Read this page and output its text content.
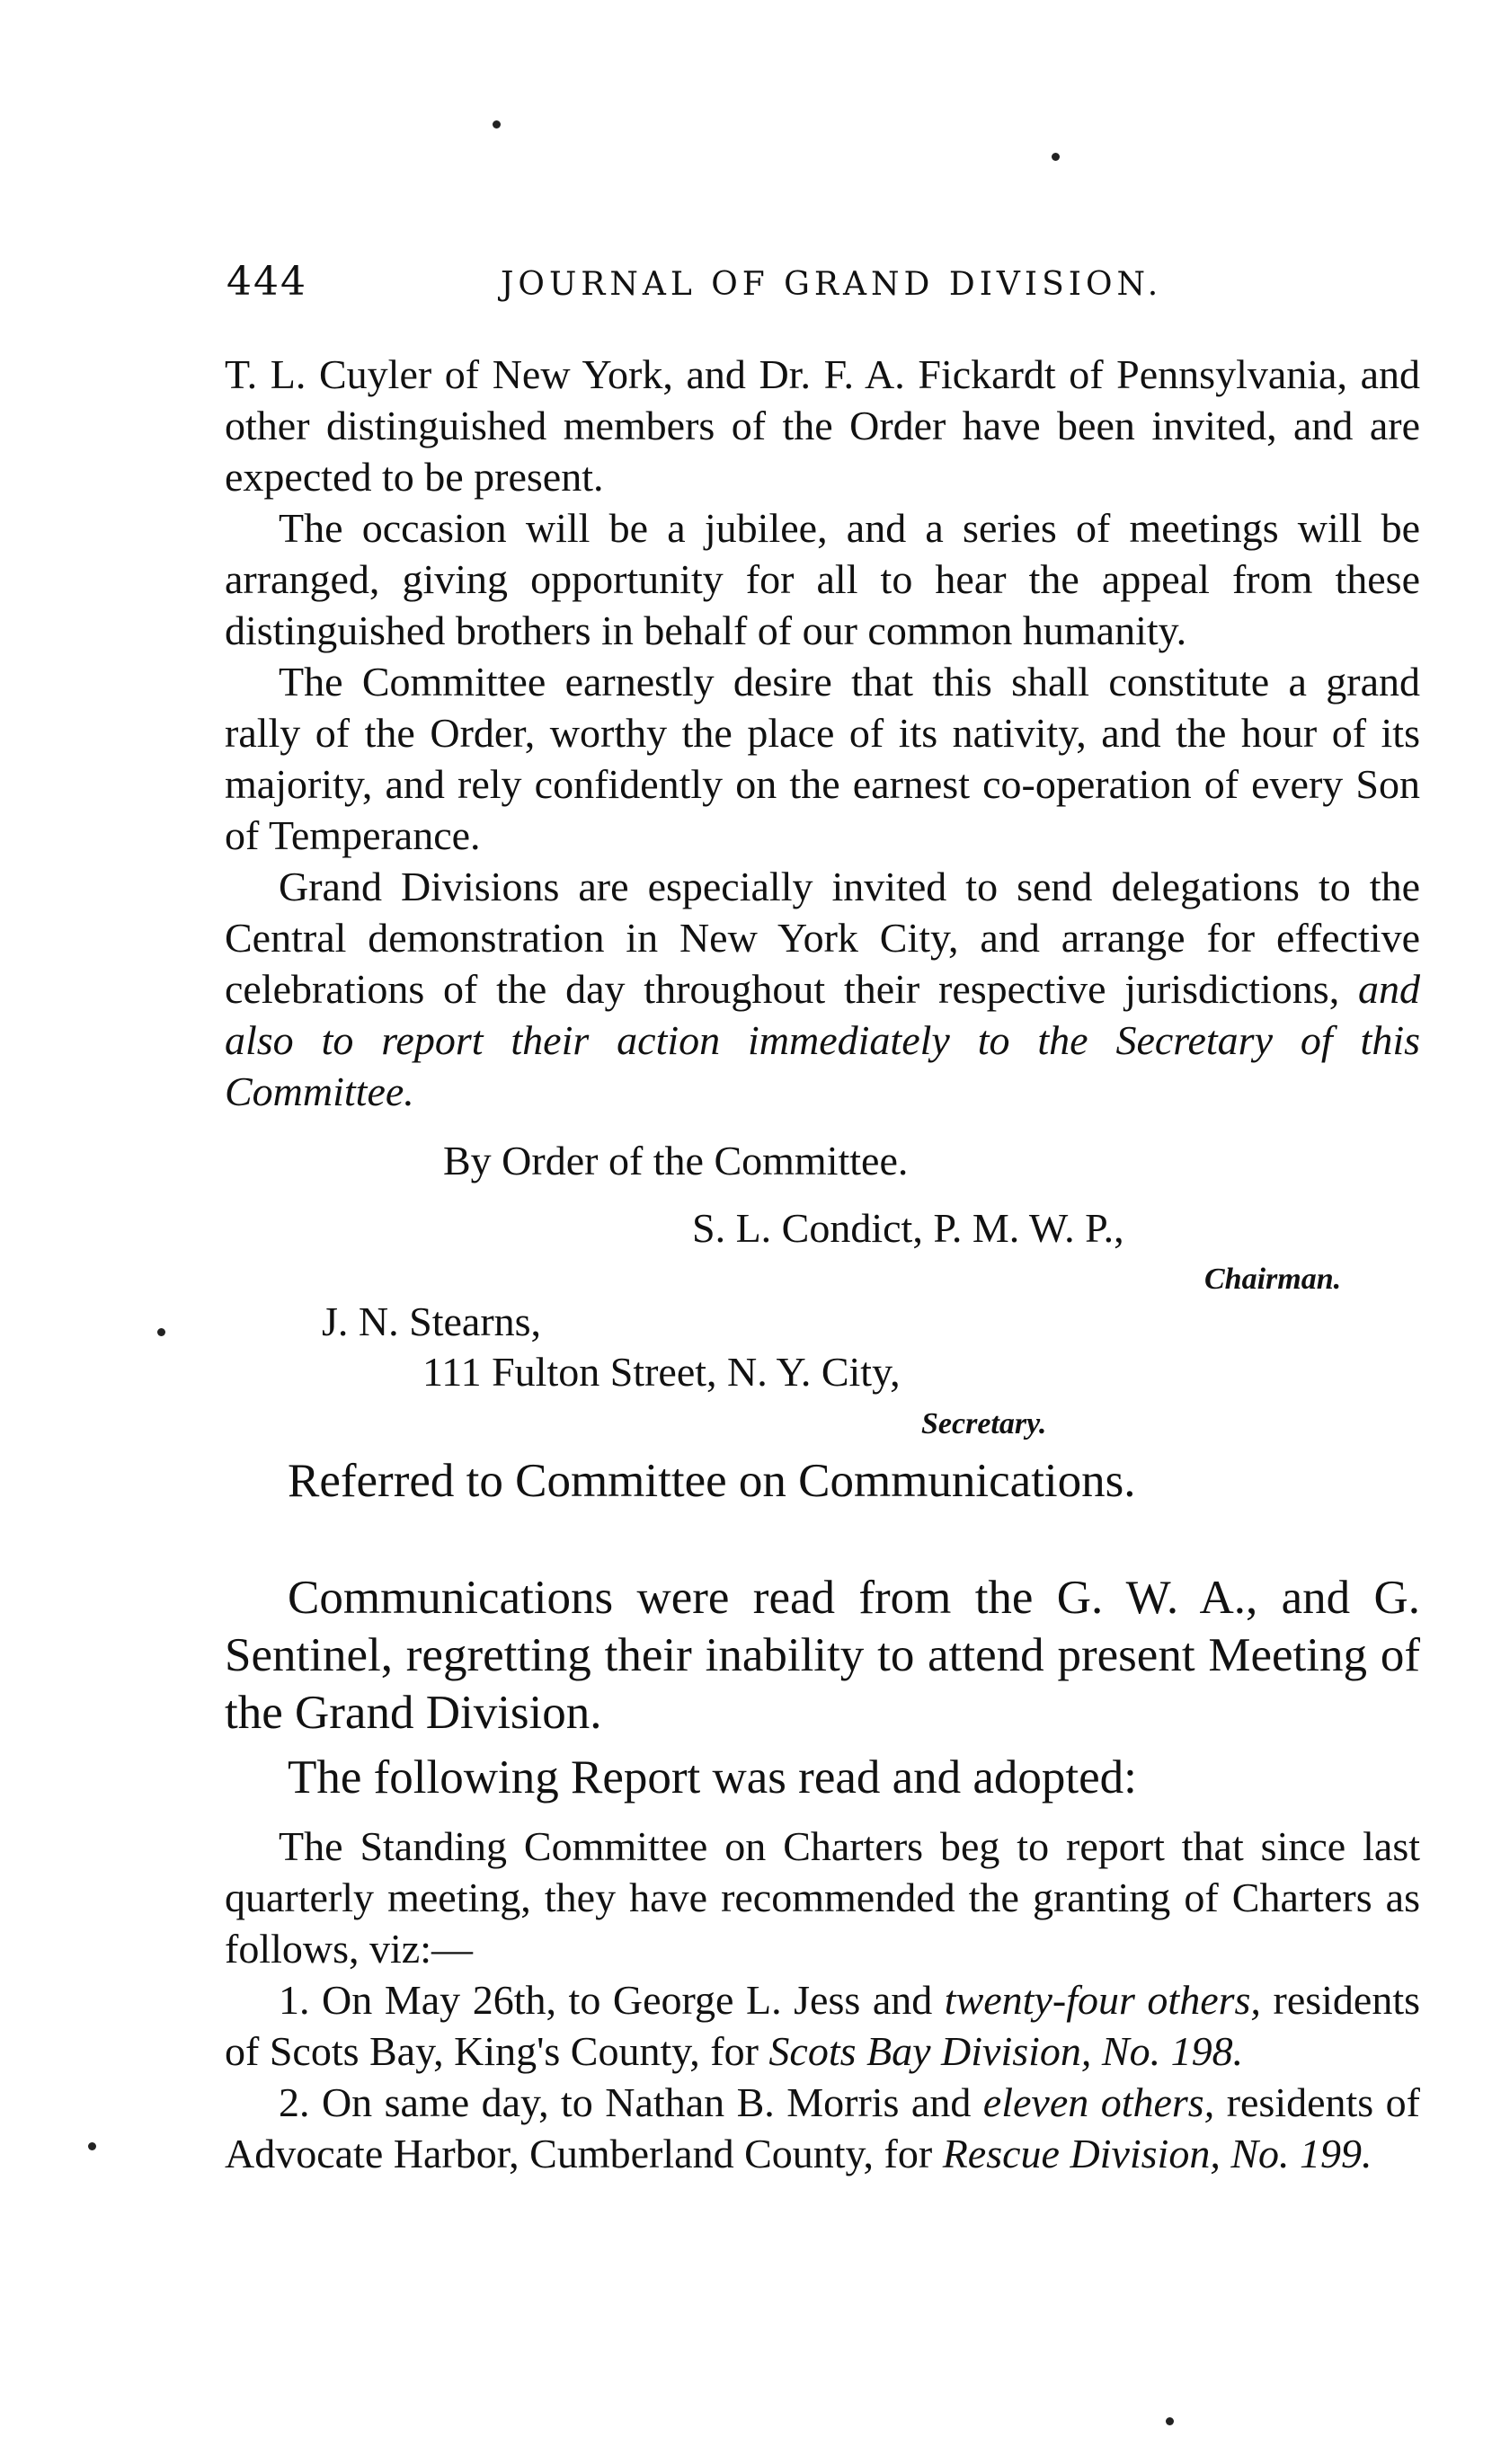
444	JOURNAL OF GRAND DIVISION.

T. L. Cuyler of New York, and Dr. F. A. Fickardt of Pennsylvania, and other distinguished members of the Order have been invited, and are expected to be present.

The occasion will be a jubilee, and a series of meetings will be arranged, giving opportunity for all to hear the appeal from these distinguished brothers in behalf of our common humanity.

The Committee earnestly desire that this shall constitute a grand rally of the Order, worthy the place of its nativity, and the hour of its majority, and rely confidently on the earnest co-operation of every Son of Temperance.

Grand Divisions are especially invited to send delegations to the Central demonstration in New York City, and arrange for effective celebrations of the day throughout their respective jurisdictions, and also to report their action immediately to the Secretary of this Committee.

By Order of the Committee.
S. L. Condict, P. M. W. P.,
Chairman.
J. N. Stearns,
111 Fulton Street, N. Y. City,
Secretary.

Referred to Committee on Communications.

Communications were read from the G. W. A., and G. Sentinel, regretting their inability to attend present Meeting of the Grand Division.

The following Report was read and adopted:

The Standing Committee on Charters beg to report that since last quarterly meeting, they have recommended the granting of Charters as follows, viz:—

1. On May 26th, to George L. Jess and twenty-four others, residents of Scots Bay, King's County, for Scots Bay Division, No. 198.

2. On same day, to Nathan B. Morris and eleven others, residents of Advocate Harbor, Cumberland County, for Rescue Division, No. 199.
